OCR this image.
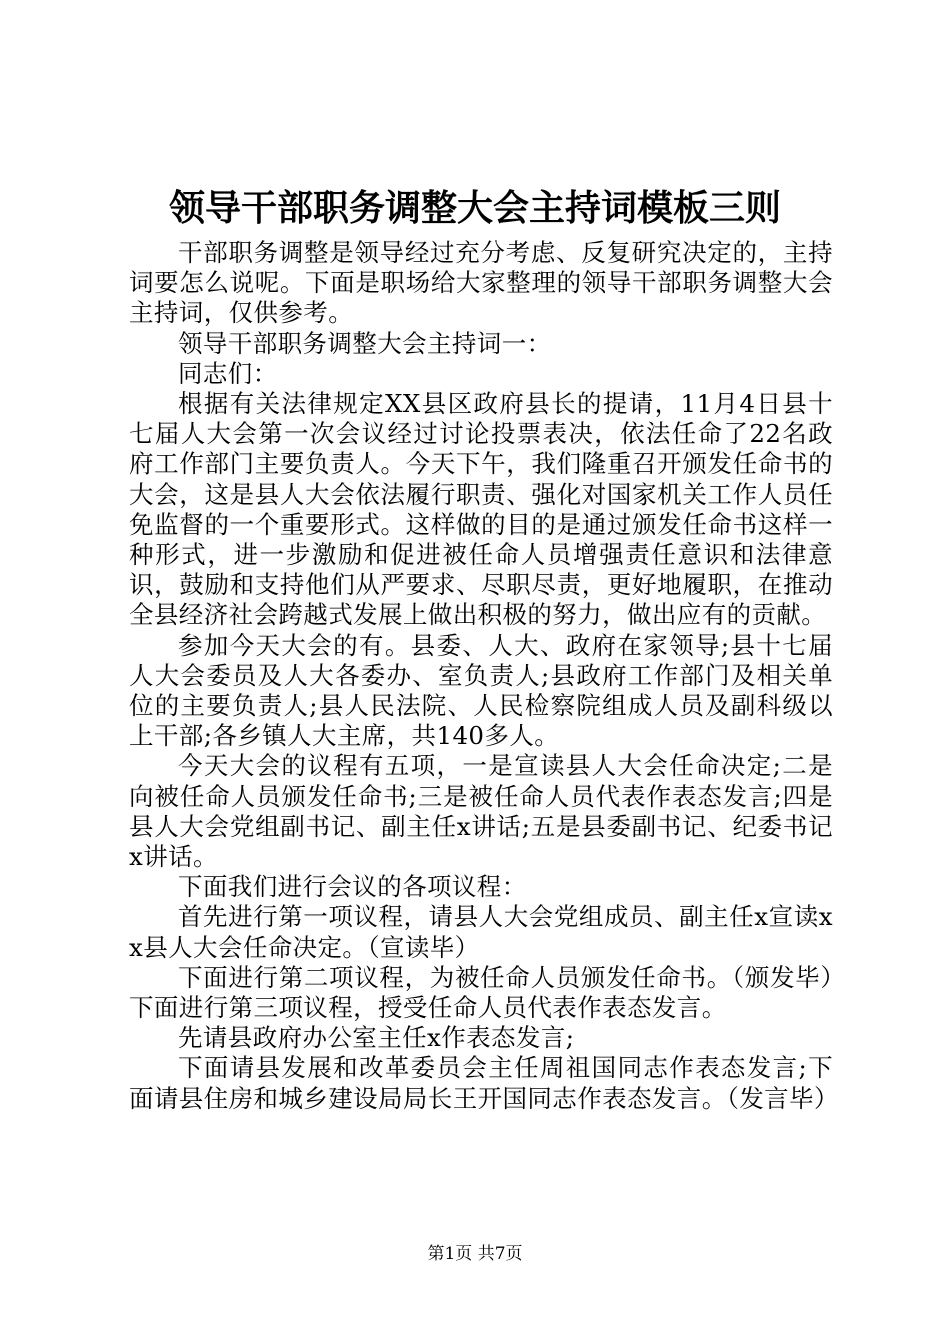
领导干部职务调整大会主持词模板三则

干部职务调整是领导经过充分考虑、反复研究决定的，主持词要怎么说呢。下面是职场给大家整理的领导干部职务调整大会主持词，仅供参考。

领导干部职务调整大会主持词一：

同志们：

根据有关法律规定XX县区政府县长的提请，11月4日县十七届人大会第一次会议经过讨论投票表决，依法任命了22名政府工作部门主要负责人。今天下午，我们隆重召开颁发任命书的大会，这是县人大会依法履行职责、强化对国家机关工作人员任免监督的一个重要形式。这样做的目的是通过颁发任命书这样一种形式，进一步激励和促进被任命人员增强责任意识和法律意识，鼓励和支持他们从严要求、尽职尽责，更好地履职，在推动全县经济社会跨越式发展上做出积极的努力，做出应有的贡献。

参加今天大会的有。县委、人大、政府在家领导;县十七届人大会委员及人大各委办、室负责人;县政府工作部门及相关单位的主要负责人;县人民法院、人民检察院组成人员及副科级以上干部;各乡镇人大主席，共140多人。

今天大会的议程有五项，一是宣读县人大会任命决定;二是向被任命人员颁发任命书;三是被任命人员代表作表态发言;四是县人大会党组副书记、副主任x讲话;五是县委副书记、纪委书记x讲话。

下面我们进行会议的各项议程：

首先进行第一项议程，请县人大会党组成员、副主任x宣读xx县人大会任命决定。（宣读毕）

下面进行第二项议程，为被任命人员颁发任命书。（颁发毕）下面进行第三项议程，授受任命人员代表作表态发言。

先请县政府办公室主任x作表态发言;

下面请县发展和改革委员会主任周祖国同志作表态发言;下面请县住房和城乡建设局局长王开国同志作表态发言。（发言毕）

第1页 共7页
